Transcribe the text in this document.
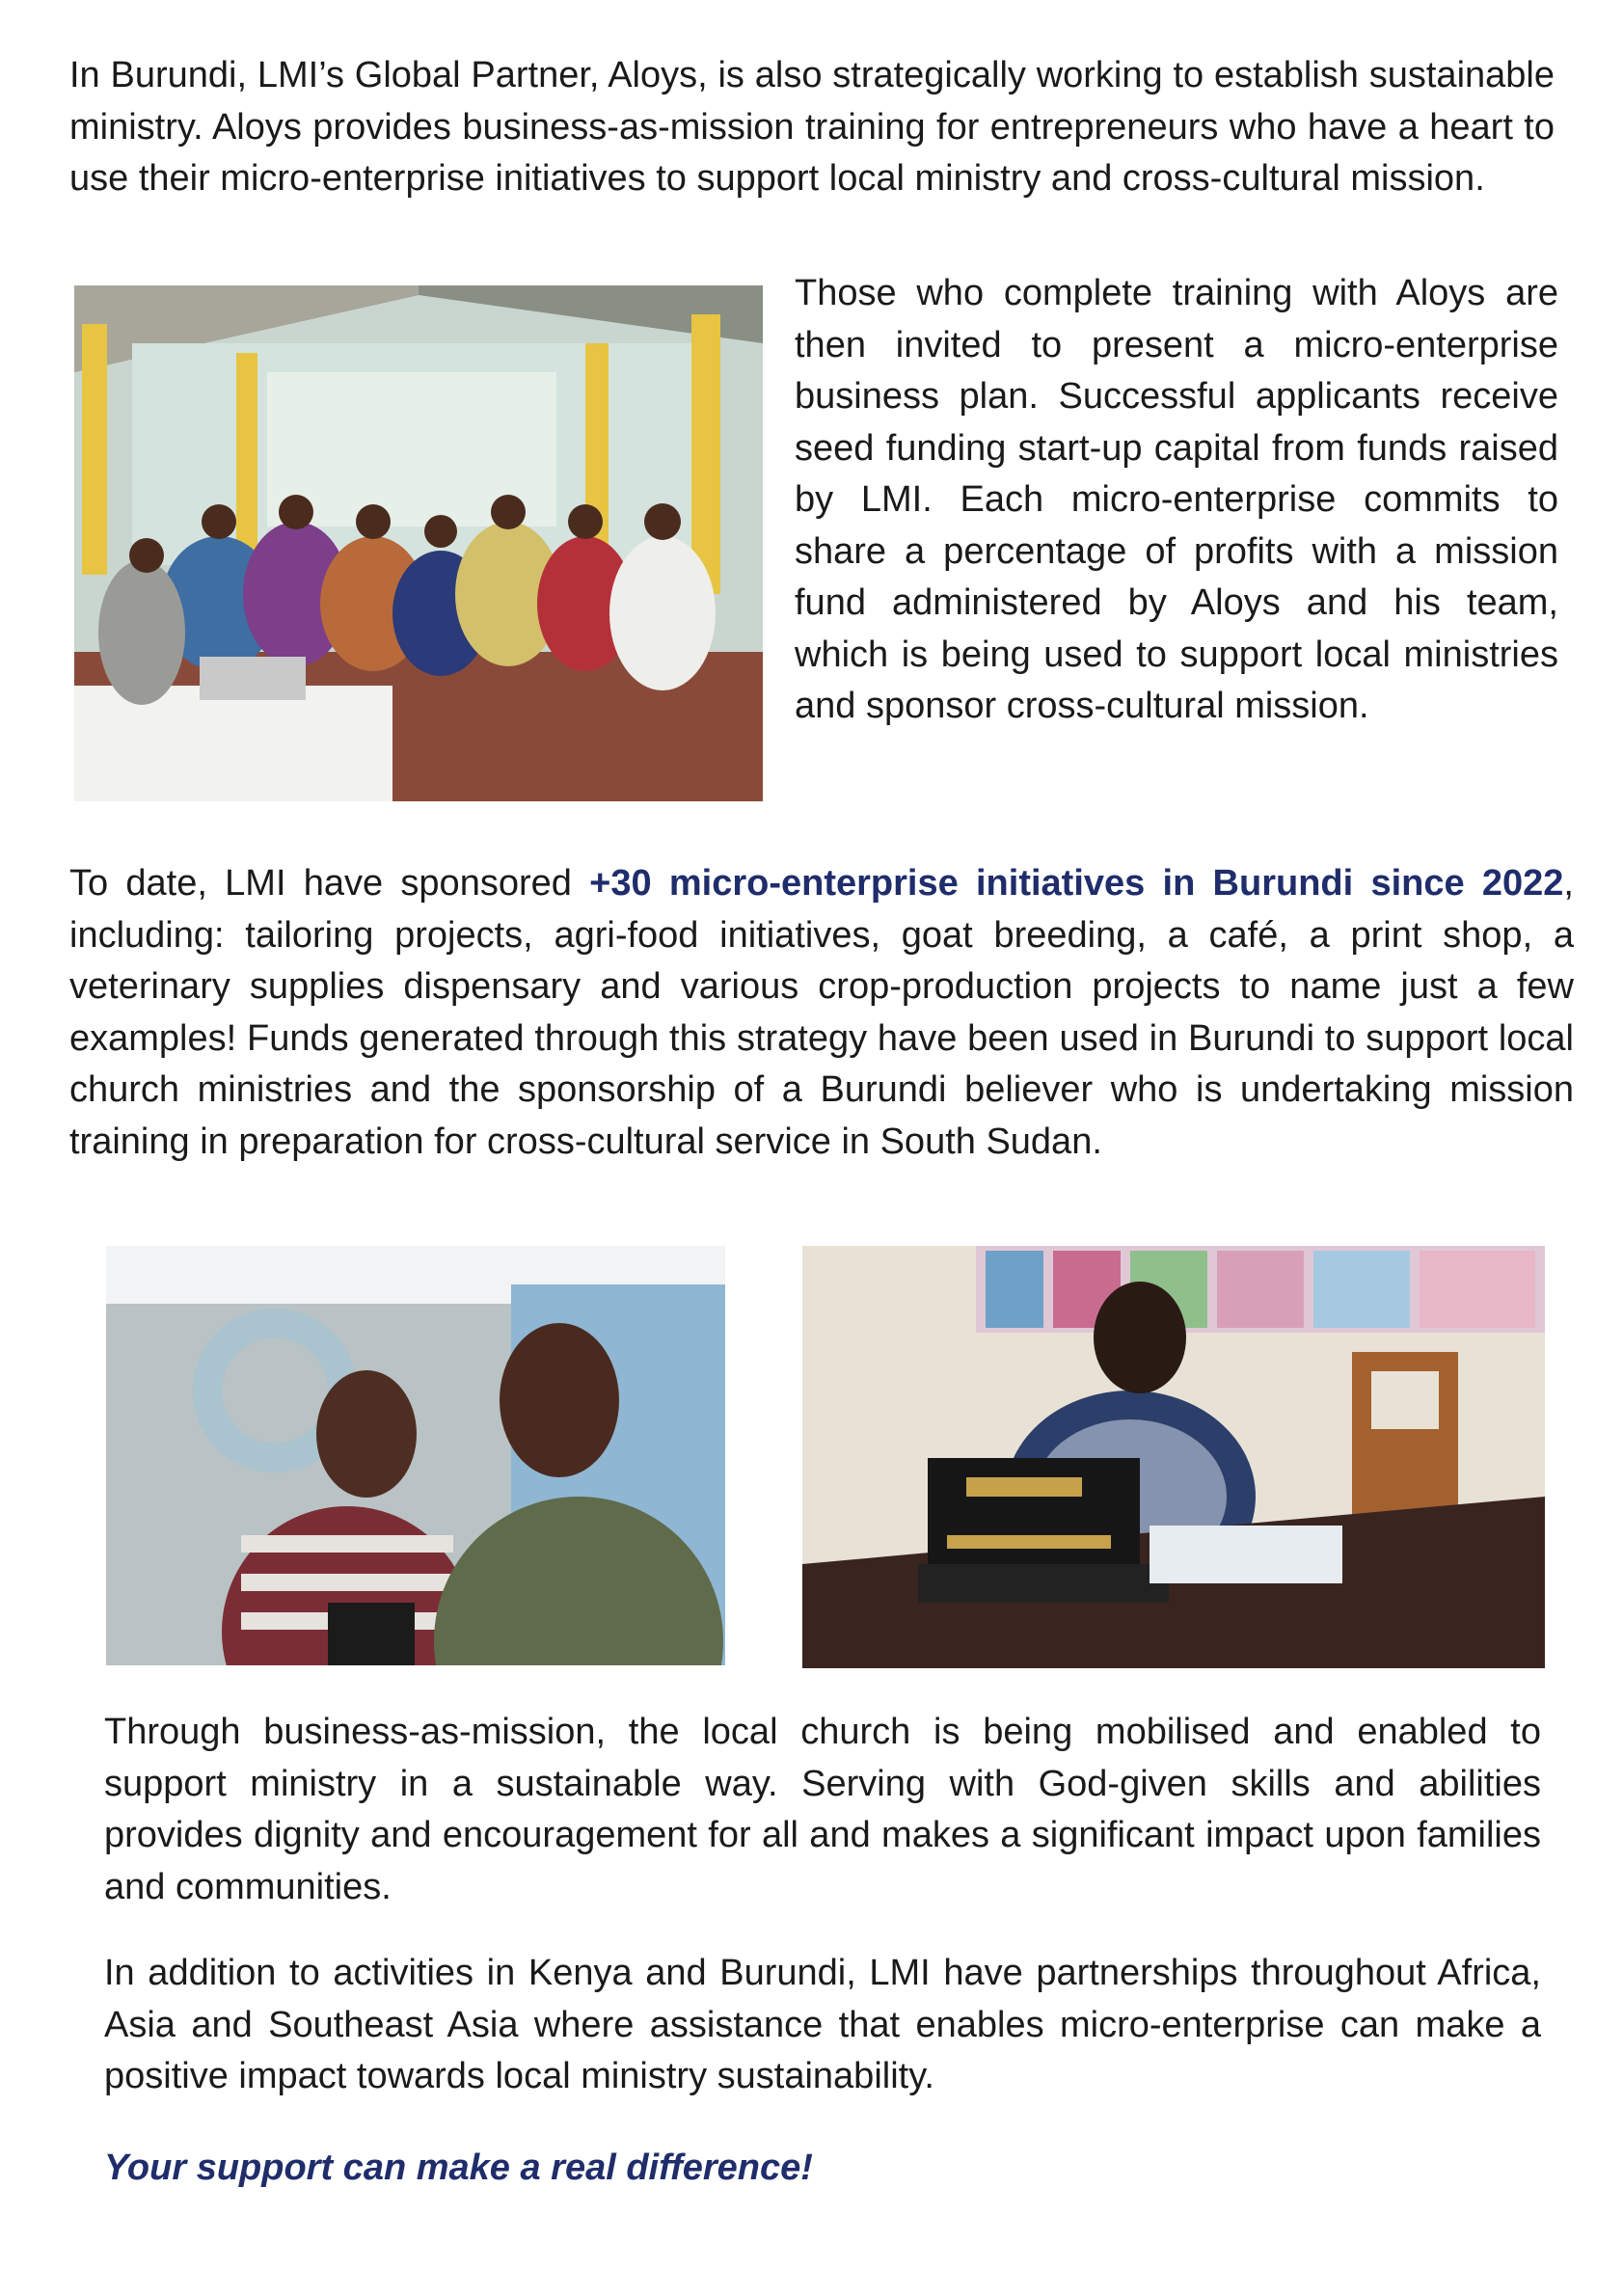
In Burundi, LMI’s Global Partner, Aloys, is also strategically working to establish sustainable ministry. Aloys provides business-as-mission training for entrepreneurs who have a heart to use their micro-enterprise initiatives to support local ministry and cross-cultural mission.

Those who complete training with Aloys are then invited to present a micro-enterprise business plan. Successful applicants receive seed funding start-up capital from funds raised by LMI. Each micro-enterprise commits to share a percentage of profits with a mission fund administered by Aloys and his team, which is being used to support local ministries and sponsor cross-cultural mission.

To date, LMI have sponsored +30 micro-enterprise initiatives in Burundi since 2022, including: tailoring projects, agri-food initiatives, goat breeding, a café, a print shop, a veterinary supplies dispensary and various crop-production projects to name just a few examples! Funds generated through this strategy have been used in Burundi to support local church ministries and the sponsorship of a Burundi believer who is undertaking mission training in preparation for cross-cultural service in South Sudan.

Through business-as-mission, the local church is being mobilised and enabled to support ministry in a sustainable way. Serving with God-given skills and abilities provides dignity and encouragement for all and makes a significant impact upon families and communities.

In addition to activities in Kenya and Burundi, LMI have partnerships throughout Africa, Asia and Southeast Asia where assistance that enables micro-enterprise can make a positive impact towards local ministry sustainability.

Your support can make a real difference!
